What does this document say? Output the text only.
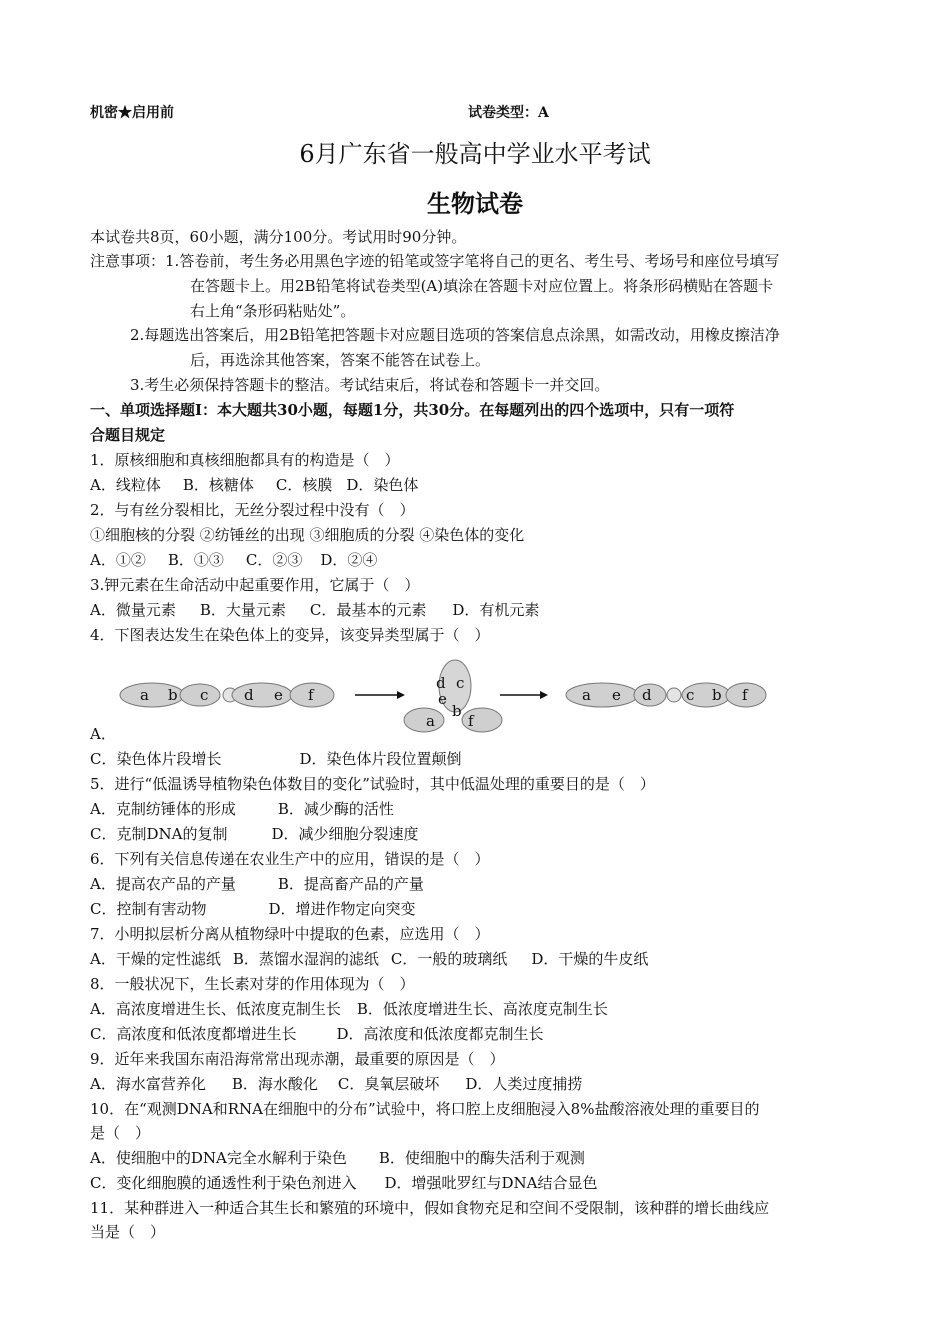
机密★启用前	试卷类型：A
6月广东省一般高中学业水平考试
生物试卷
本试卷共8页，60小题，满分100分。考试用时90分钟。
注意事项：1.答卷前，考生务必用黑色字迹的铅笔或签字笔将自己的更名、考生号、考场号和座位号填写
在答题卡上。用2B铅笔将试卷类型(A)填涂在答题卡对应位置上。将条形码横贴在答题卡
右上角“条形码粘贴处”。
2.每题选出答案后，用2B铅笔把答题卡对应题目选项的答案信息点涂黑，如需改动，用橡皮擦洁净
后，再选涂其他答案，答案不能答在试卷上。
3.考生必须保持答题卡的整洁。考试结束后，将试卷和答题卡一并交回。
一、单项选择题Ⅰ：本大题共30小题，每题1分，共30分。在每题列出的四个选项中，只有一项符
合题目规定
1．原核细胞和真核细胞都具有的构造是（　）
A．线粒体 B．核糖体 C．核膜 D．染色体
2．与有丝分裂相比，无丝分裂过程中没有（　）
①细胞核的分裂 ②纺锤丝的出现 ③细胞质的分裂 ④染色体的变化
A．①② B．①③ C．②③ D．②④
3.钾元素在生命活动中起重要作用，它属于（　）
A．微量元素 B．大量元素 C．最基本的元素 D．有机元素
4．下图表达发生在染色体上的变异，该变异类型属于（　）
A．
a b c d e f
d c
e
a
b
f
a e d c b f
C．染色体片段增长	D．染色体片段位置颠倒
5．进行“低温诱导植物染色体数目的变化”试验时，其中低温处理的重要目的是（　）
A．克制纺锤体的形成	B．减少酶的活性
C．克制DNA的复制	D．减少细胞分裂速度
6．下列有关信息传递在农业生产中的应用，错误的是（　）
A．提高农产品的产量	B．提高畜产品的产量
C．控制有害动物	D．增进作物定向突变
7．小明拟层析分离从植物绿叶中提取的色素，应选用（　）
A．干燥的定性滤纸 B．蒸馏水湿润的滤纸 C．一般的玻璃纸 D．干燥的牛皮纸
8．一般状况下，生长素对芽的作用体现为（　）
A．高浓度增进生长、低浓度克制生长 B．低浓度增进生长、高浓度克制生长
C．高浓度和低浓度都增进生长	D．高浓度和低浓度都克制生长
9．近年来我国东南沿海常常出现赤潮，最重要的原因是（　）
A．海水富营养化 B．海水酸化 C．臭氧层破坏 D．人类过度捕捞
10．在“观测DNA和RNA在细胞中的分布”试验中，将口腔上皮细胞浸入8%盐酸溶液处理的重要目的
是（　）
A．使细胞中的DNA完全水解利于染色 B．使细胞中的酶失活利于观测
C．变化细胞膜的通透性利于染色剂进入 D．增强吡罗红与DNA结合显色
11．某种群进入一种适合其生长和繁殖的环境中，假如食物充足和空间不受限制，该种群的增长曲线应
当是（　）
